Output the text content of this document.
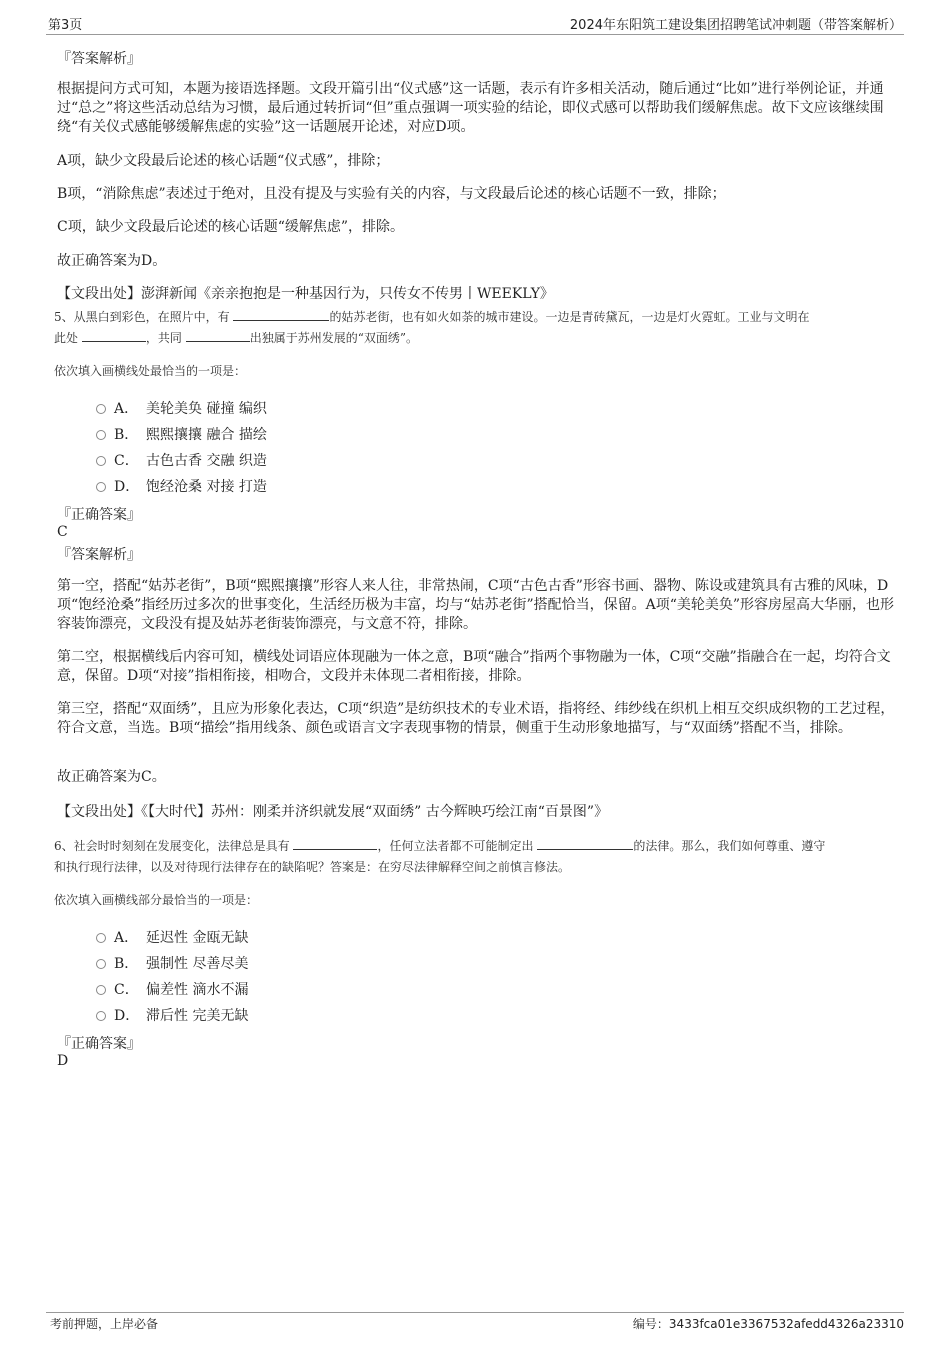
第3页	2024年东阳筑工建设集团招聘笔试冲刺题（带答案解析）
『答案解析』
根据提问方式可知，本题为接语选择题。文段开篇引出“仪式感”这一话题，表示有许多相关活动，随后通过“比如”进行举例论证，并通过“总之”将这些活动总结为习惯，最后通过转折词“但”重点强调一项实验的结论，即仪式感可以帮助我们缓解焦虑。故下文应该继续围绕“有关仪式感能够缓解焦虑的实验”这一话题展开论述，对应D项。
A项，缺少文段最后论述的核心话题“仪式感”，排除；
B项，“消除焦虑”表述过于绝对，且没有提及与实验有关的内容，与文段最后论述的核心话题不一致，排除；
C项，缺少文段最后论述的核心话题“缓解焦虑”，排除。
故正确答案为D。
【文段出处】澎湃新闻《亲亲抱抱是一种基因行为，只传女不传男丨WEEKLY》
5、从黑白到彩色，在照片中，有	的姑苏老街，也有如火如荼的城市建设。一边是青砖黛瓦，一边是灯火霓虹。工业与文明在
此处	，共同	出独属于苏州发展的“双面绣”。
依次填入画横线处最恰当的一项是：
A． 美轮美奂 碰撞 编织
B． 熙熙攘攘 融合 描绘
C． 古色古香 交融 织造
D． 饱经沧桑 对接 打造
『正确答案』
C
『答案解析』
第一空，搭配“姑苏老街”，B项“熙熙攘攘”形容人来人往，非常热闹，C项“古色古香”形容书画、器物、陈设或建筑具有古雅的风味，D项“饱经沧桑”指经历过多次的世事变化，生活经历极为丰富，均与“姑苏老街”搭配恰当，保留。A项“美轮美奂”形容房屋高大华丽，也形容装饰漂亮，文段没有提及姑苏老街装饰漂亮，与文意不符，排除。
第二空，根据横线后内容可知，横线处词语应体现融为一体之意，B项“融合”指两个事物融为一体，C项“交融”指融合在一起，均符合文意，保留。D项“对接”指相衔接，相吻合，文段并未体现二者相衔接，排除。
第三空，搭配“双面绣”，且应为形象化表达，C项“织造”是纺织技术的专业术语，指将经、纬纱线在织机上相互交织成织物的工艺过程，符合文意，当选。B项“描绘”指用线条、颜色或语言文字表现事物的情景，侧重于生动形象地描写，与“双面绣”搭配不当，排除。
故正确答案为C。
【文段出处】《【大时代】苏州：刚柔并济织就发展“双面绣” 古今辉映巧绘江南“百景图”》
6、社会时时刻刻在发展变化，法律总是具有	，任何立法者都不可能制定出	的法律。那么，我们如何尊重、遵守
和执行现行法律，以及对待现行法律存在的缺陷呢？答案是：在穷尽法律解释空间之前慎言修法。
依次填入画横线部分最恰当的一项是：
A． 延迟性 金瓯无缺
B． 强制性 尽善尽美
C． 偏差性 滴水不漏
D． 滞后性 完美无缺
『正确答案』
D
考前押题，上岸必备	编号：3433fca01e3367532afedd4326a23310
